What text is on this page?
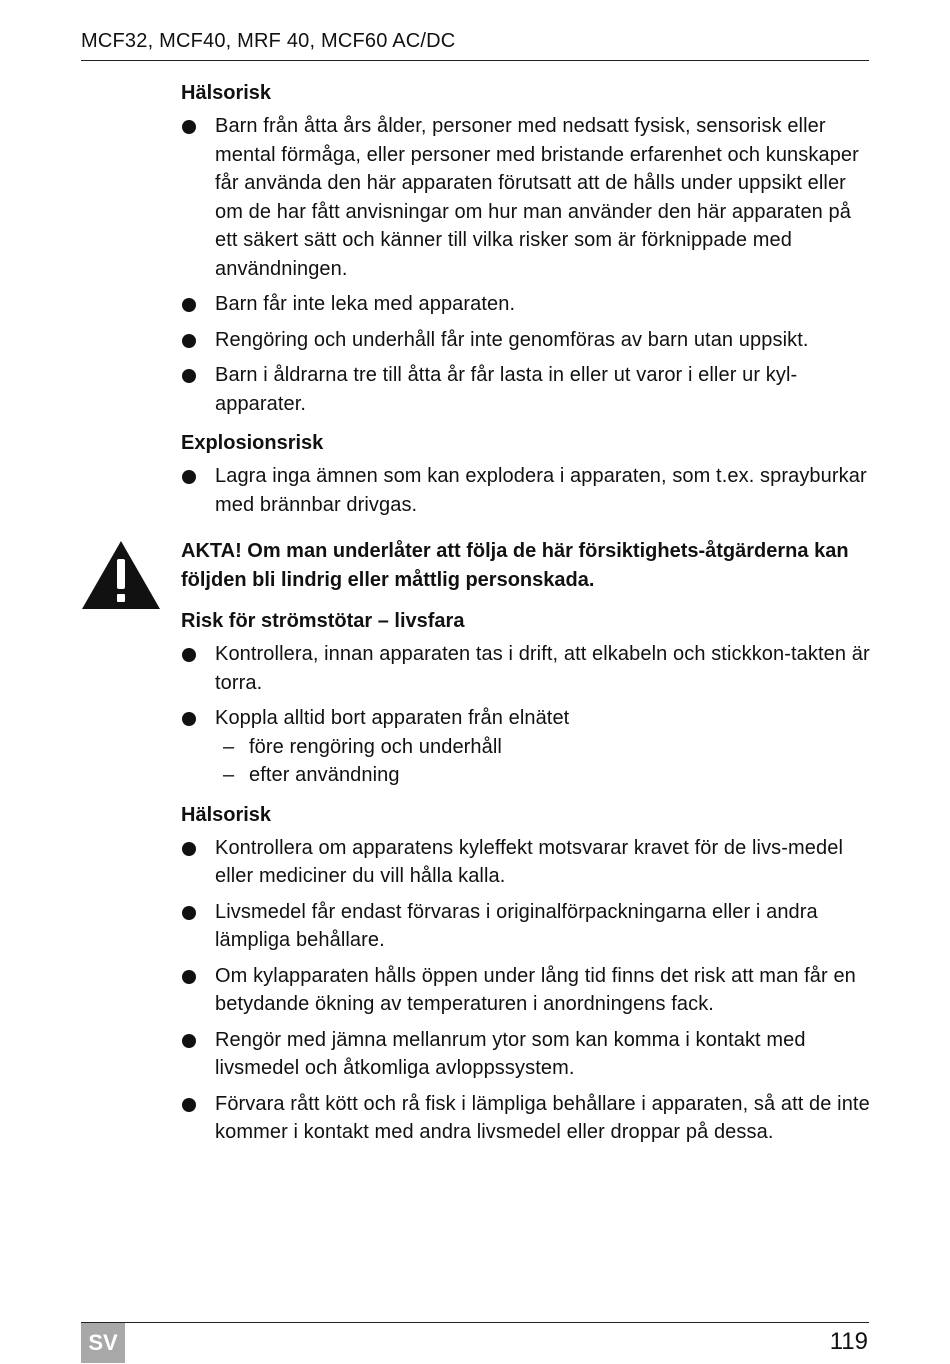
MCF32, MCF40, MRF 40, MCF60 AC/DC
Hälsorisk
Barn från åtta års ålder, personer med nedsatt fysisk, sensorisk eller mental förmåga, eller personer med bristande erfarenhet och kunskaper får använda den här apparaten förutsatt att de hålls under uppsikt eller om de har fått anvisningar om hur man använder den här apparaten på ett säkert sätt och känner till vilka risker som är förknippade med användningen.
Barn får inte leka med apparaten.
Rengöring och underhåll får inte genomföras av barn utan uppsikt.
Barn i åldrarna tre till åtta år får lasta in eller ut varor i eller ur kyl-apparater.
Explosionsrisk
Lagra inga ämnen som kan explodera i apparaten, som t.ex. sprayburkar med brännbar drivgas.
AKTA! Om man underlåter att följa de här försiktighets-åtgärderna kan följden bli lindrig eller måttlig personskada.
Risk för strömstötar – livsfara
Kontrollera, innan apparaten tas i drift, att elkabeln och stickkon-takten är torra.
Koppla alltid bort apparaten från elnätet
– före rengöring och underhåll
– efter användning
Hälsorisk
Kontrollera om apparatens kyleffekt motsvarar kravet för de livs-medel eller mediciner du vill hålla kalla.
Livsmedel får endast förvaras i originalförpackningarna eller i andra lämpliga behållare.
Om kylapparaten hålls öppen under lång tid finns det risk att man får en betydande ökning av temperaturen i anordningens fack.
Rengör med jämna mellanrum ytor som kan komma i kontakt med livsmedel och åtkomliga avloppssystem.
Förvara rått kött och rå fisk i lämpliga behållare i apparaten, så att de inte kommer i kontakt med andra livsmedel eller droppar på dessa.
SV	119
